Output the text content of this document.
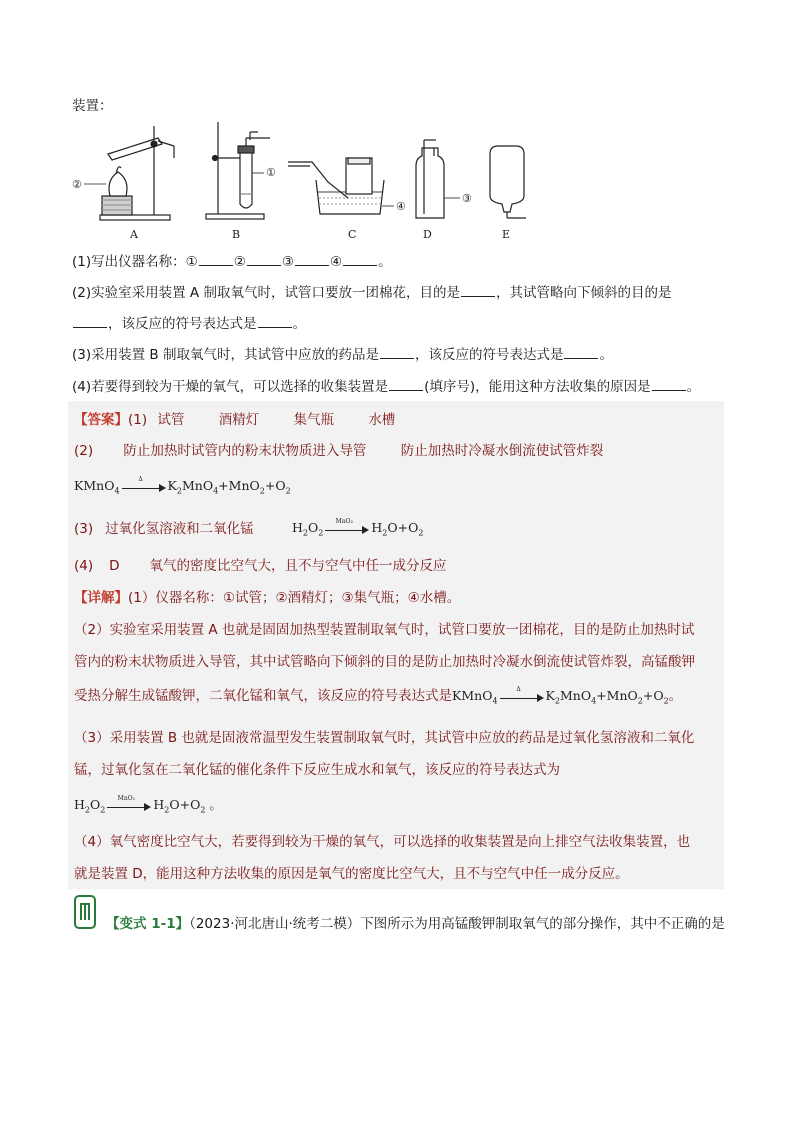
装置：
②
A
①
B
④
C
③
D	E
(1)写出仪器名称：①	②	③	④	。
(2)实验室采用装置 A 制取氧气时，试管口要放一团棉花，目的是	，其试管略向下倾斜的目的是
，该反应的符号表达式是	。
(3)采用装置 B 制取氧气时，其试管中应放的药品是	，该反应的符号表达式是	。
(4)若要得到较为干燥的氧气，可以选择的收集装置是	(填序号)，能用这种方法收集的原因是	。
【答案】(1) 试管	酒精灯	集气瓶	水槽
(2) 防止加热时试管内的粉末状物质进入导管	防止加热时冷凝水倒流使试管炸裂
KMnO$_4$
Δ	$K_2MnO_4+MnO_2+O_2$
(3) 过氧化氢溶液和二氧化锰	$H_2O_2$
MnO₂	$H_2O+O_2$
(4) D 氧气的密度比空气大，且不与空气中任一成分反应
【详解】(1）仪器名称：①试管；②酒精灯；③集气瓶；④水槽。
（2）实验室采用装置 A 也就是固固加热型装置制取氧气时，试管口要放一团棉花，目的是防止加热时试
管内的粉末状物质进入导管，其中试管略向下倾斜的目的是防止加热时冷凝水倒流使试管炸裂，高锰酸钾
受热分解生成锰酸钾，二氧化锰和氧气，该反应的符号表达式是KMnO$_4$
Δ	$K_2MnO_4+MnO_2+O_2$。
（3）采用装置 B 也就是固液常温型发生装置制取氧气时，其试管中应放的药品是过氧化氢溶液和二氧化
锰，过氧化氢在二氧化锰的催化条件下反应生成水和氧气，该反应的符号表达式为
$H_2O_2$
MnO₂	$H_2O+O_2$ 。
（4）氧气密度比空气大，若要得到较为干燥的氧气，可以选择的收集装置是向上排空气法收集装置，也
就是装置 D，能用这种方法收集的原因是氧气的密度比空气大，且不与空气中任一成分反应。
【变式 1-1】（2023·河北唐山·统考二模）下图所示为用高锰酸钾制取氧气的部分操作，其中不正确的是
